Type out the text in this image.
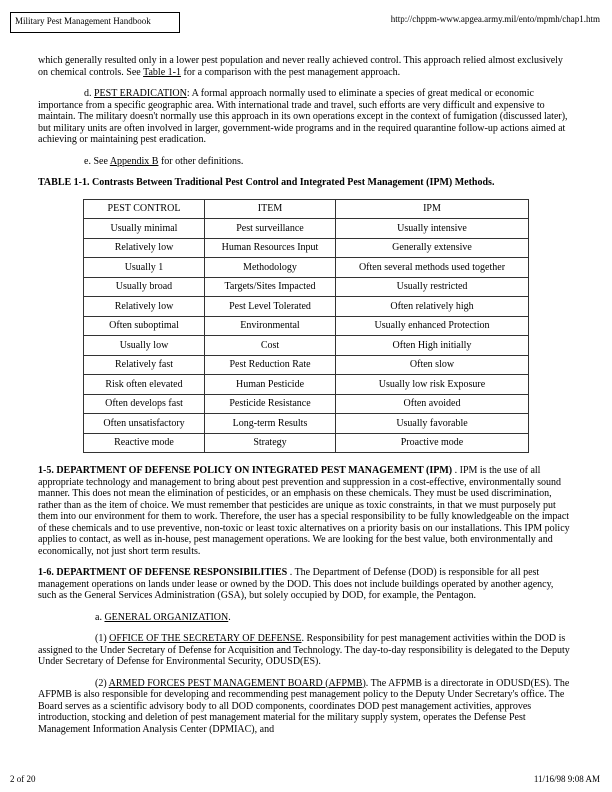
Military Pest Management Handbook	http://chppm-www.apgea.army.mil/ento/mpmh/chap1.htm

which generally resulted only in a lower pest population and never really achieved control. This approach relied almost exclusively on chemical controls. See Table 1-1 for a comparison with the pest management approach.

d. PEST ERADICATION: A formal approach normally used to eliminate a species of great medical or economic importance from a specific geographic area. With international trade and travel, such efforts are very difficult and expensive to maintain. The military doesn't normally use this approach in its own operations except in the context of fumigation (discussed later), but military units are often involved in larger, government-wide programs and in the required quarantine follow-up actions aimed at achieving or maintaining pest eradication.

e. See Appendix B for other definitions.

TABLE 1-1. Contrasts Between Traditional Pest Control and Integrated Pest Management (IPM) Methods.

PEST CONTROL	ITEM	IPM
Usually minimal	Pest surveillance	Usually intensive
Relatively low	Human Resources Input	Generally extensive
Usually 1	Methodology	Often several methods used together
Usually broad	Targets/Sites Impacted	Usually restricted
Relatively low	Pest Level Tolerated	Often relatively high
Often suboptimal	Environmental	Usually enhanced Protection
Usually low	Cost	Often High initially
Relatively fast	Pest Reduction Rate	Often slow
Risk often elevated	Human Pesticide	Usually low risk Exposure
Often develops fast	Pesticide Resistance	Often avoided
Often unsatisfactory	Long-term Results	Usually favorable
Reactive mode	Strategy	Proactive mode

1-5. DEPARTMENT OF DEFENSE POLICY ON INTEGRATED PEST MANAGEMENT (IPM) . IPM is the use of all appropriate technology and management to bring about pest prevention and suppression in a cost-effective, environmentally sound manner. This does not mean the elimination of pesticides, or an emphasis on these chemicals. They must be used discrimination, rather than as the item of choice. We must remember that pesticides are unique as toxic constraints, in that we must purposely put them into our environment for them to work. Therefore, the user has a special responsibility to be fully knowledgeable on the impact of these chemicals and to use preventive, non-toxic or least toxic alternatives on a priority basis on our installations. This IPM policy applies to contact, as well as in-house, pest management operations. We are looking for the best value, both environmentally and economically, not just short term results.

1-6. DEPARTMENT OF DEFENSE RESPONSIBILITIES . The Department of Defense (DOD) is responsible for all pest management operations on lands under lease or owned by the DOD. This does not include buildings operated by another agency, such as the General Services Administration (GSA), but solely occupied by DOD, for example, the Pentagon.

a. GENERAL ORGANIZATION.

(1) OFFICE OF THE SECRETARY OF DEFENSE. Responsibility for pest management activities within the DOD is assigned to the Under Secretary of Defense for Acquisition and Technology. The day-to-day responsibility is delegated to the Deputy Under Secretary of Defense for Environmental Security, ODUSD(ES).

(2) ARMED FORCES PEST MANAGEMENT BOARD (AFPMB). The AFPMB is a directorate in ODUSD(ES). The AFPMB is also responsible for developing and recommending pest management policy to the Deputy Under Secretary's office. The Board serves as a scientific advisory body to all DOD components, coordinates DOD pest management activities, approves introduction, stocking and deletion of pest management material for the military supply system, operates the Defense Pest Management Information Analysis Center (DPMIAC), and

2 of 20	11/16/98 9:08 AM
